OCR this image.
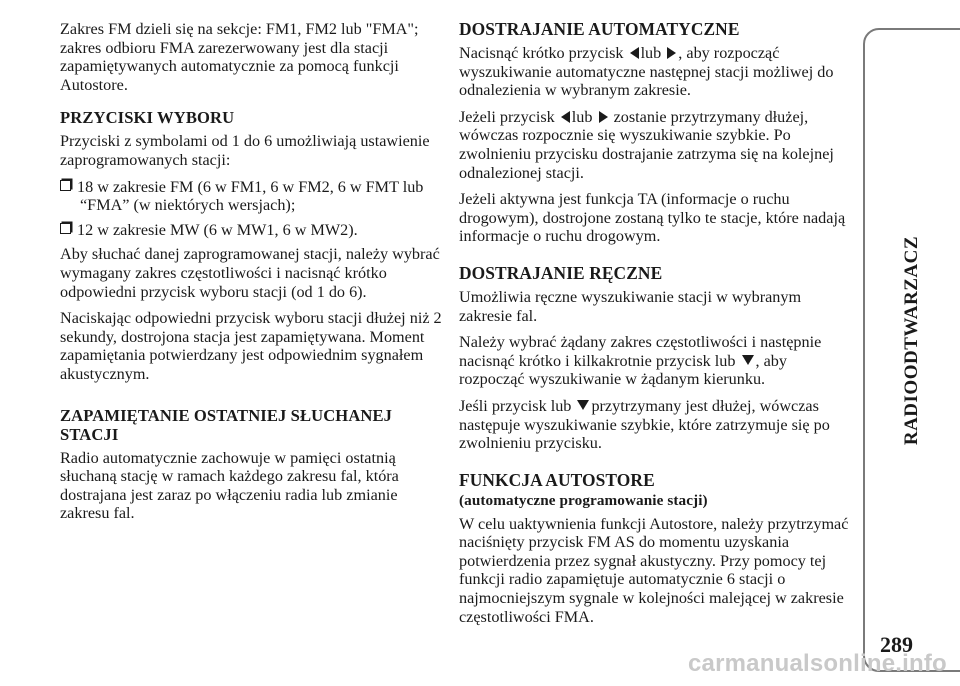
Zakres FM dzieli się na sekcje: FM1, FM2 lub "FMA"; zakres odbioru FMA zarezerwowany jest dla stacji zapamiętywanych automatycznie za pomocą funkcji Autostore.

PRZYCISKI WYBORU

Przyciski z symbolami od 1 do 6 umożliwiają ustawienie zaprogramowanych stacji:

18 w zakresie FM (6 w FM1, 6 w FM2, 6 w FMT lub “FMA” (w niektórych wersjach);

12 w zakresie MW (6 w MW1, 6 w MW2).

Aby słuchać danej zaprogramowanej stacji, należy wybrać wymagany zakres częstotliwości i nacisnąć krótko odpowiedni przycisk wyboru stacji (od 1 do 6).

Naciskając odpowiedni przycisk wyboru stacji dłużej niż 2 sekundy, dostrojona stacja jest zapamiętywana. Moment zapamiętania potwierdzany jest odpowiednim sygnałem akustycznym.

ZAPAMIĘTANIE OSTATNIEJ SŁUCHANEJ STACJI

Radio automatycznie zachowuje w pamięci ostatnią słuchaną stację w ramach każdego zakresu fal, która dostrajana jest zaraz po włączeniu radia lub zmianie zakresu fal.

DOSTRAJANIE AUTOMATYCZNE

Nacisnąć krótko przycisk lub , aby rozpocząć wyszukiwanie automatyczne następnej stacji możliwej do odnalezienia w wybranym zakresie.

Jeżeli przycisk lub zostanie przytrzymany dłużej, wówczas rozpocznie się wyszukiwanie szybkie. Po zwolnieniu przycisku dostrajanie zatrzyma się na kolejnej odnalezionej stacji.

Jeżeli aktywna jest funkcja TA (informacje o ruchu drogowym), dostrojone zostaną tylko te stacje, które nadają informacje o ruchu drogowym.

DOSTRAJANIE RĘCZNE

Umożliwia ręczne wyszukiwanie stacji w wybranym zakresie fal.

Należy wybrać żądany zakres częstotliwości i następnie nacisnąć krótko i kilkakrotnie przycisk lub , aby rozpocząć wyszukiwanie w żądanym kierunku.

Jeśli przycisk lub przytrzymany jest dłużej, wówczas następuje wyszukiwanie szybkie, które zatrzymuje się po zwolnieniu przycisku.

FUNKCJA AUTOSTORE
(automatyczne programowanie stacji)

W celu uaktywnienia funkcji Autostore, należy przytrzymać naciśnięty przycisk FM AS do momentu uzyskania potwierdzenia przez sygnał akustyczny. Przy pomocy tej funkcji radio zapamiętuje automatycznie 6 stacji o najmocniejszym sygnale w kolejności malejącej w zakresie częstotliwości FMA.

RADIOODTWARZACZ
289
carmanualsonline.info
